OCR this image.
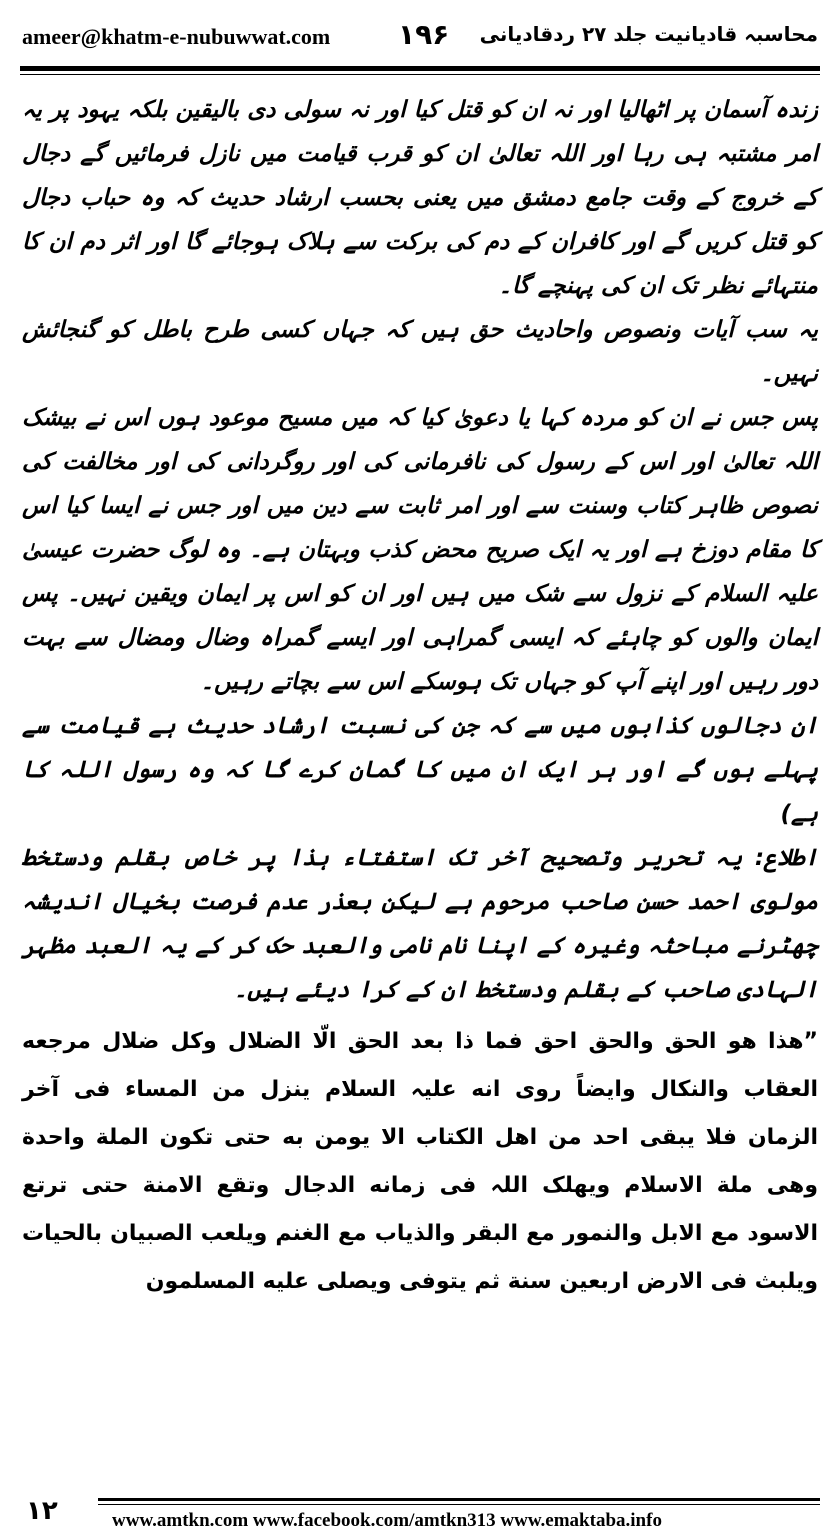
ameer@khatm-e-nubuwwat.com ۱۹۶ محاسبہ قادیانیت جلد ۲۷ ردقادیانی

زندہ آسمان پر اٹھالیا اور نہ ان کو قتل کیا اور نہ سولی دی بالیقین بلکہ یہود پر یہ امر مشتبہ ہی رہا اور اللہ تعالیٰ ان کو قرب قیامت میں نازل فرمائیں گے دجال کے خروج کے وقت جامع دمشق میں یعنی بحسب ارشاد حدیث کہ وہ حباب دجال کو قتل کریں گے اور کافران کے دم کی برکت سے ہلاک ہوجائے گا اور اثر دم ان کا منتہائے نظر تک ان کی پہنچے گا۔

یہ سب آیات ونصوص واحادیث حق ہیں کہ جہاں کسی طرح باطل کو گنجائش نہیں۔

پس جس نے ان کو مردہ کہا یا دعویٰ کیا کہ میں مسیح موعود ہوں اس نے بیشک اللہ تعالیٰ اور اس کے رسول کی نافرمانی کی اور روگردانی کی اور مخالفت کی نصوص ظاہر کتاب وسنت سے اور امر ثابت سے دین میں اور جس نے ایسا کیا اس کا مقام دوزخ ہے اور یہ ایک صریح محض کذب وبہتان ہے۔ وہ لوگ حضرت عیسیٰ علیہ السلام کے نزول سے شک میں ہیں اور ان کو اس پر ایمان ویقین نہیں۔ پس ایمان والوں کو چاہئے کہ ایسی گمراہی اور ایسے گمراہ وضال ومضال سے بہت دور رہیں اور اپنے آپ کو جہاں تک ہوسکے اس سے بچاتے رہیں۔

ان دجالوں کذابوں میں سے کہ جن کی نسبت ارشاد حدیث ہے قیامت سے پہلے ہوں گے اور ہر ایک ان میں کا گمان کرے گا کہ وہ رسول اللہ کا ہے)

اطلاع: یہ تحریر وتصحیح آخر تک استفتاء ہذا پر خاص بقلم ودستخط مولوی احمد حسن صاحب مرحوم ہے لیکن بعذر عدم فرصت بخیال اندیشہ چھٹرنے مباحثہ وغیرہ کے اپنا نام نامی والعبد حک کر کے یہ العبد مظہر الہادی صاحب کے بقلم ودستخط ان کے کرا دیئے ہیں۔

”ھذا ھو الحق والحق احق فما ذا بعد الحق الّا الضلال وکل ضلال مرجعه العقاب والنکال وایضاً روی انه علیہ السلام ینزل من المساء فی آخر الزمان فلا یبقی احد من اهل الکتاب الا یومن به حتی تکون الملة واحدة وهی ملة الاسلام ویهلک اللہ فی زمانه الدجال وتقع الامنة حتی ترتع الاسود مع الابل والنمور مع البقر والذیاب مع الغنم ویلعب الصبیان بالحیات ویلبث فی الارض اربعین سنة ثم یتوفی ویصلی علیه المسلمون

۱۲	www.amtkn.com www.facebook.com/amtkn313 www.emaktaba.info
